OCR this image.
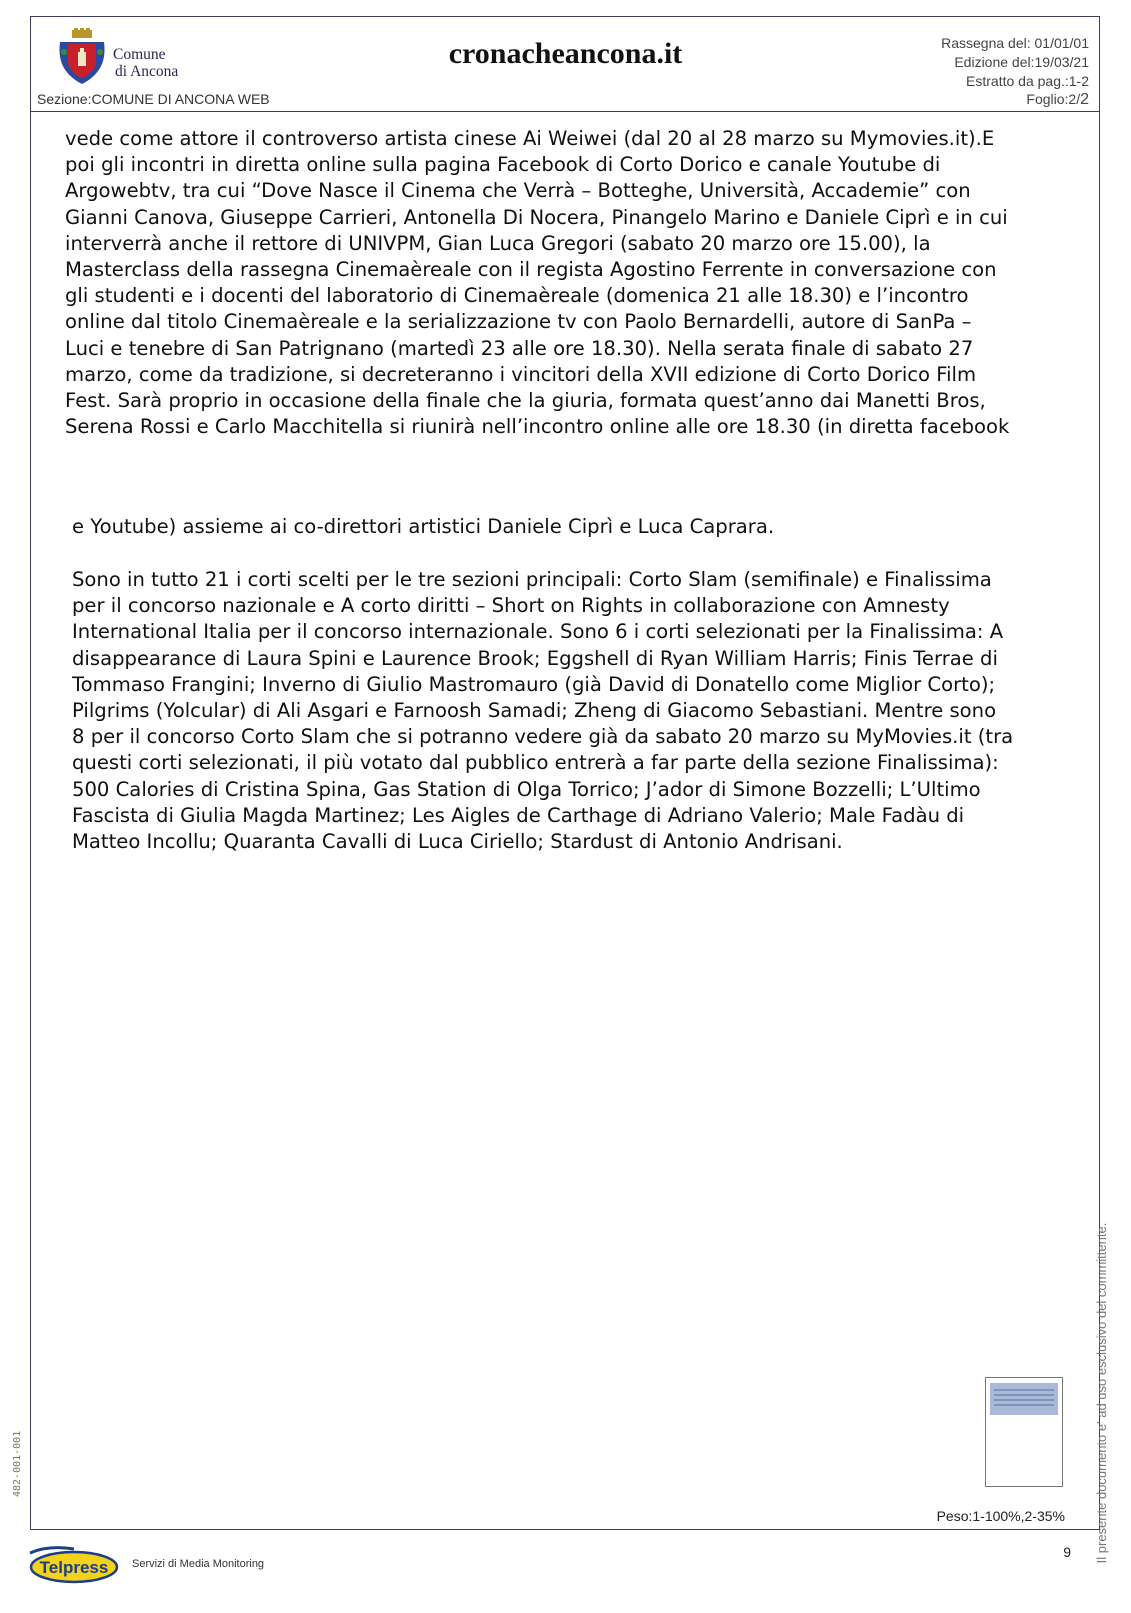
Comune
di Ancona
Sezione:COMUNE DI ANCONA WEB
cronacheancona.it	Rassegna del: 01/01/01
Edizione del:19/03/21
Estratto da pag.:1-2
Foglio:2/2
vede come attore il controverso artista cinese Ai Weiwei (dal 20 al 28 marzo su Mymovies.it).E
poi gli incontri in diretta online sulla pagina Facebook di Corto Dorico e canale Youtube di
Argowebtv, tra cui “Dove Nasce il Cinema che Verrà – Botteghe, Università, Accademie” con
Gianni Canova, Giuseppe Carrieri, Antonella Di Nocera, Pinangelo Marino e Daniele Ciprì e in cui
interverrà anche il rettore di UNIVPM, Gian Luca Gregori (sabato 20 marzo ore 15.00), la
Masterclass della rassegna Cinemaèreale con il regista Agostino Ferrente in conversazione con
gli studenti e i docenti del laboratorio di Cinemaèreale (domenica 21 alle 18.30) e l’incontro
online dal titolo Cinemaèreale e la serializzazione tv con Paolo Bernardelli, autore di SanPa –
Luci e tenebre di San Patrignano (martedì 23 alle ore 18.30). Nella serata finale di sabato 27
marzo, come da tradizione, si decreteranno i vincitori della XVII edizione di Corto Dorico Film
Fest. Sarà proprio in occasione della finale che la giuria, formata quest’anno dai Manetti Bros,
Serena Rossi e Carlo Macchitella si riunirà nell’incontro online alle ore 18.30 (in diretta facebook
e Youtube) assieme ai co-direttori artistici Daniele Ciprì e Luca Caprara.
Sono in tutto 21 i corti scelti per le tre sezioni principali: Corto Slam (semifinale) e Finalissima
per il concorso nazionale e A corto diritti – Short on Rights in collaborazione con Amnesty
International Italia per il concorso internazionale. Sono 6 i corti selezionati per la Finalissima: A
disappearance di Laura Spini e Laurence Brook; Eggshell di Ryan William Harris; Finis Terrae di
Tommaso Frangini; Inverno di Giulio Mastromauro (già David di Donatello come Miglior Corto);
Pilgrims (Yolcular) di Ali Asgari e Farnoosh Samadi; Zheng di Giacomo Sebastiani. Mentre sono
8 per il concorso Corto Slam che si potranno vedere già da sabato 20 marzo su MyMovies.it (tra
questi corti selezionati, il più votato dal pubblico entrerà a far parte della sezione Finalissima):
500 Calories di Cristina Spina, Gas Station di Olga Torrico; J’ador di Simone Bozzelli; L’Ultimo
Fascista di Giulia Magda Martinez; Les Aigles de Carthage di Adriano Valerio; Male Fadàu di
Matteo Incollu; Quaranta Cavalli di Luca Ciriello; Stardust di Antonio Andrisani.
Peso:1-100%,2-35%
9
Telpress Servizi di Media Monitoring
Il presente documento e' ad uso esclusivo del committente.
482-001-001
